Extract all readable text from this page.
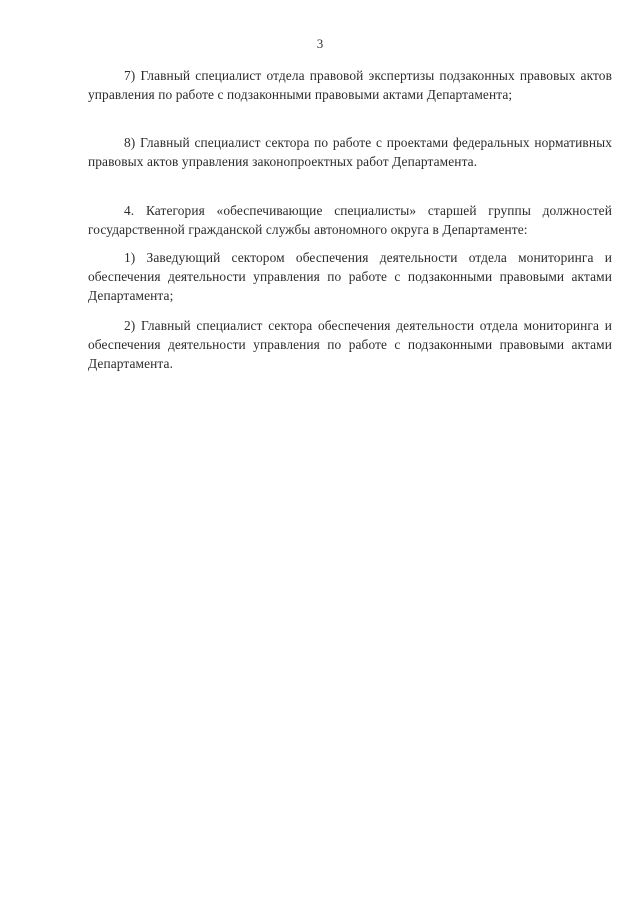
3

7) Главный специалист отдела правовой экспертизы подзаконных правовых актов управления по работе с подзаконными правовыми актами Департамента;

8) Главный специалист сектора по работе с проектами федеральных нормативных правовых актов управления законопроектных работ Департамента.

4. Категория «обеспечивающие специалисты» старшей группы должностей государственной гражданской службы автономного округа в Департаменте:

1) Заведующий сектором обеспечения деятельности отдела мониторинга и обеспечения деятельности управления по работе с подзаконными правовыми актами Департамента;

2) Главный специалист сектора обеспечения деятельности отдела мониторинга и обеспечения деятельности управления по работе с подзаконными правовыми актами Департамента.
